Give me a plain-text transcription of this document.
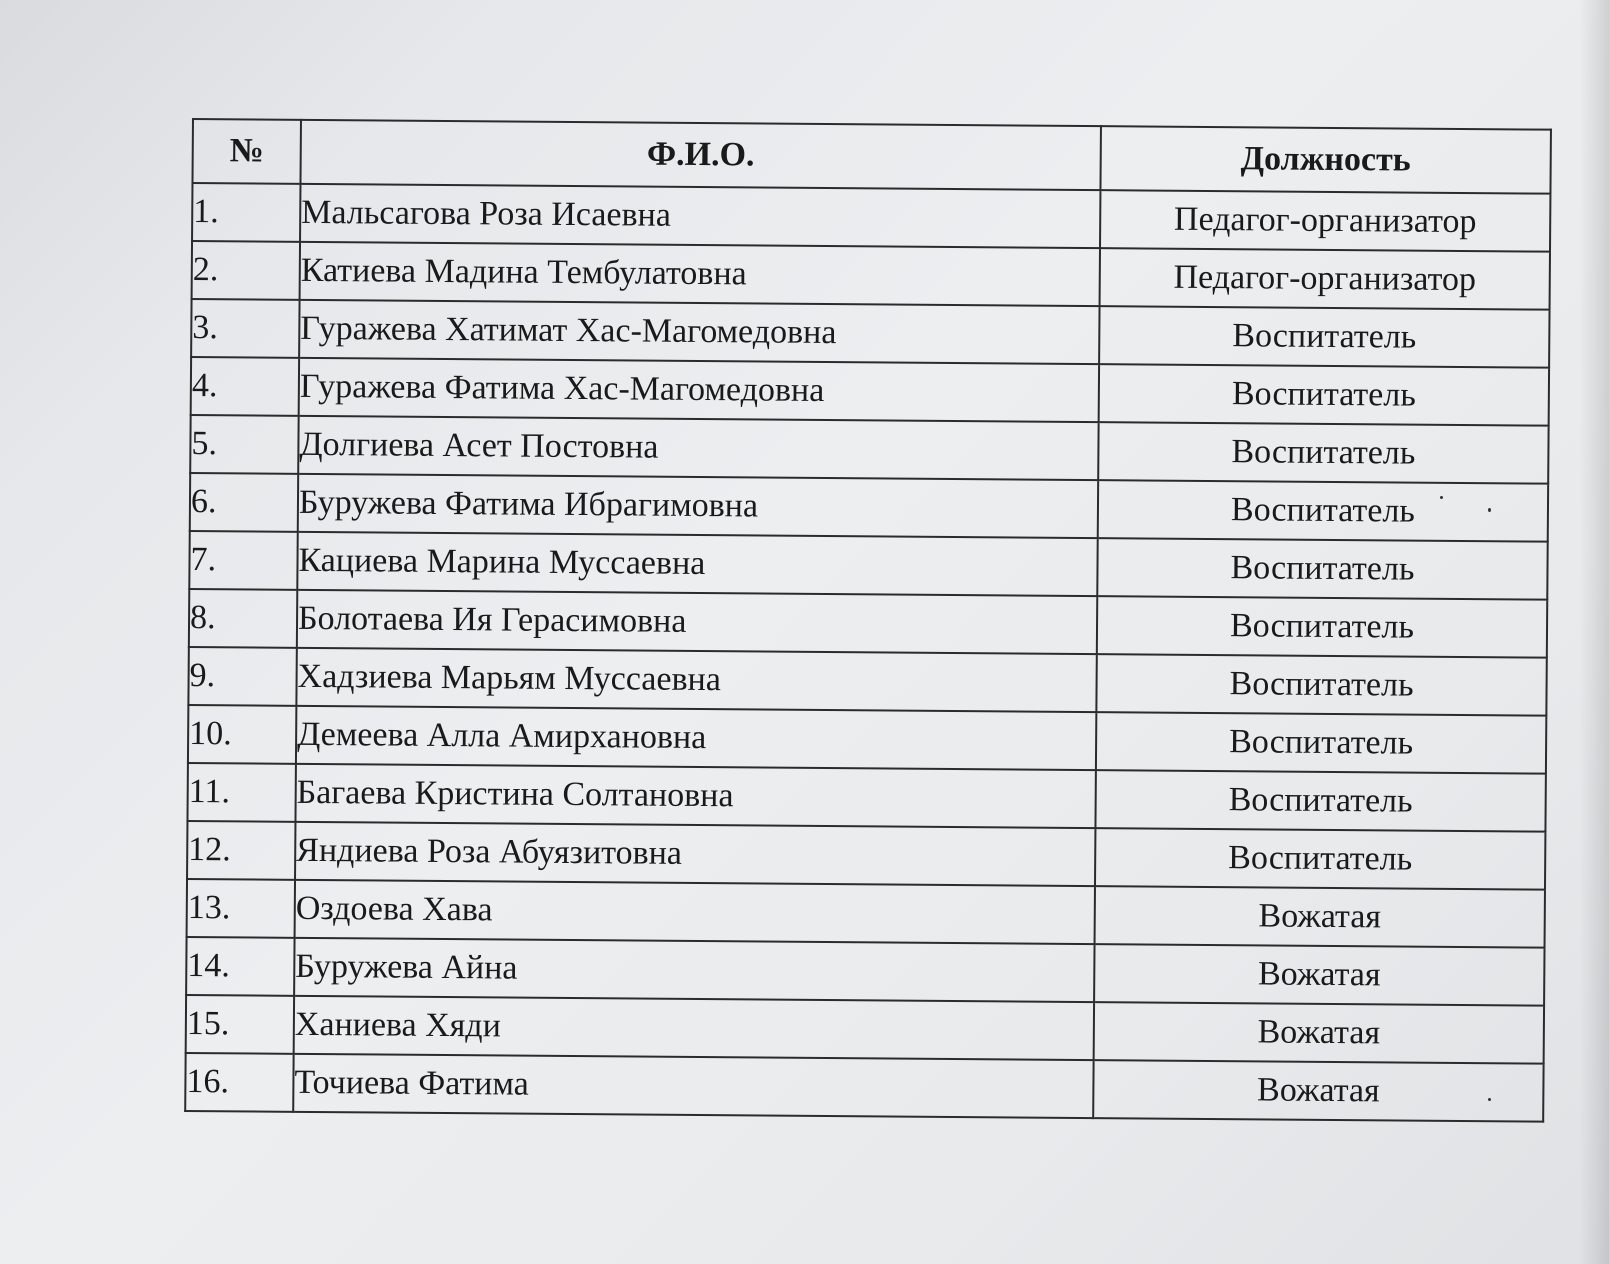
№	Ф.И.О.	Должность
1.	Мальсагова Роза Исаевна	Педагог-организатор
2.	Катиева Мадина Тембулатовна	Педагог-организатор
3.	Гуражева Хатимат Хас-Магомедовна	Воспитатель
4.	Гуражева Фатима Хас-Магомедовна	Воспитатель
5.	Долгиева Асет Постовна	Воспитатель
6.	Буружева Фатима Ибрагимовна	Воспитатель
7.	Кациева Марина Муссаевна	Воспитатель
8.	Болотаева Ия Герасимовна	Воспитатель
9.	Хадзиева Марьям Муссаевна	Воспитатель
10.	Демеева Алла Амирхановна	Воспитатель
11.	Багаева Кристина Солтановна	Воспитатель
12.	Яндиева Роза Абуязитовна	Воспитатель
13.	Оздоева Хава	Вожатая
14.	Буружева Айна	Вожатая
15.	Ханиева Хяди	Вожатая
16.	Точиева Фатима	Вожатая
